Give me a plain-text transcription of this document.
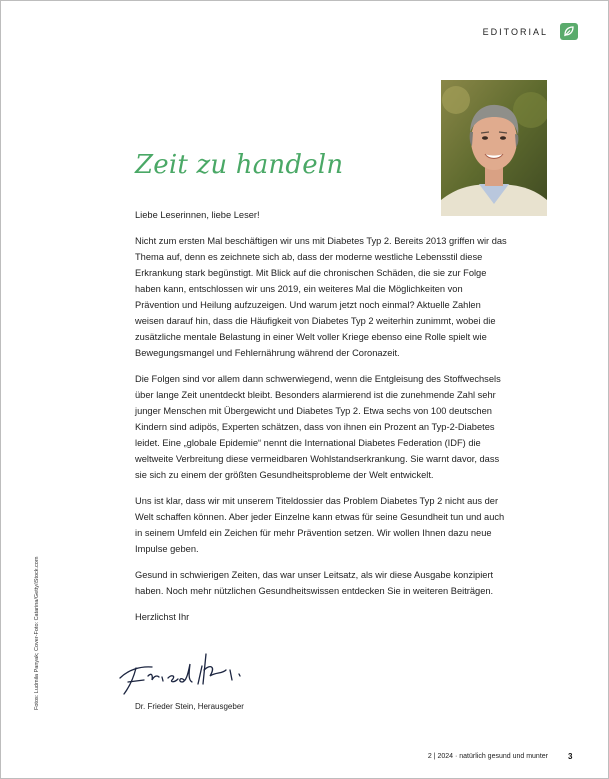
EDITORIAL
Zeit zu handeln

Liebe Leserinnen, liebe Leser!

Nicht zum ersten Mal beschäftigen wir uns mit Diabetes Typ 2. Bereits 2013 griffen wir das Thema auf, denn es zeichnete sich ab, dass der moderne westliche Lebensstil diese Erkrankung stark begünstigt. Mit Blick auf die chronischen Schäden, die sie zur Folge haben kann, entschlossen wir uns 2019, ein weiteres Mal die Möglichkeiten von Prävention und Heilung aufzuzeigen. Und warum jetzt noch einmal? Aktuelle Zahlen weisen darauf hin, dass die Häufigkeit von Diabetes Typ 2 weiterhin zunimmt, wobei die zusätzliche mentale Belastung in einer Welt voller Kriege ebenso eine Rolle spielt wie Bewegungsmangel und Fehlernährung während der Coronazeit.

Die Folgen sind vor allem dann schwerwiegend, wenn die Entgleisung des Stoffwechsels über lange Zeit unentdeckt bleibt. Besonders alarmierend ist die zunehmende Zahl sehr junger Menschen mit Übergewicht und Diabetes Typ 2. Etwa sechs von 100 deutschen Kindern sind adipös, Experten schätzen, dass von ihnen ein Prozent an Typ-2-Diabetes leidet. Eine „globale Epidemie“ nennt die International Diabetes Federation (IDF) die weltweite Verbreitung diese vermeidbaren Wohlstandserkrankung. Sie warnt davor, dass sie sich zu einem der größten Gesundheitsprobleme der Welt entwickelt.

Uns ist klar, dass wir mit unserem Titeldossier das Problem Diabetes Typ 2 nicht aus der Welt schaffen können. Aber jeder Einzelne kann etwas für seine Gesundheit tun und auch in seinem Umfeld ein Zeichen für mehr Prävention setzen. Wir wollen Ihnen dazu neue Impulse geben.

Gesund in schwierigen Zeiten, das war unser Leitsatz, als wir diese Ausgabe konzipiert haben. Noch mehr nützlichen Gesundheitswissen entdecken Sie in weiteren Beiträgen.

Herzlichst Ihr

Dr. Frieder Stein, Herausgeber
Fotos: Ludmila Panyak; Cover-Foto: Catarina/Getty/iStock.com
2 | 2024 · natürlich gesund und munter	3
